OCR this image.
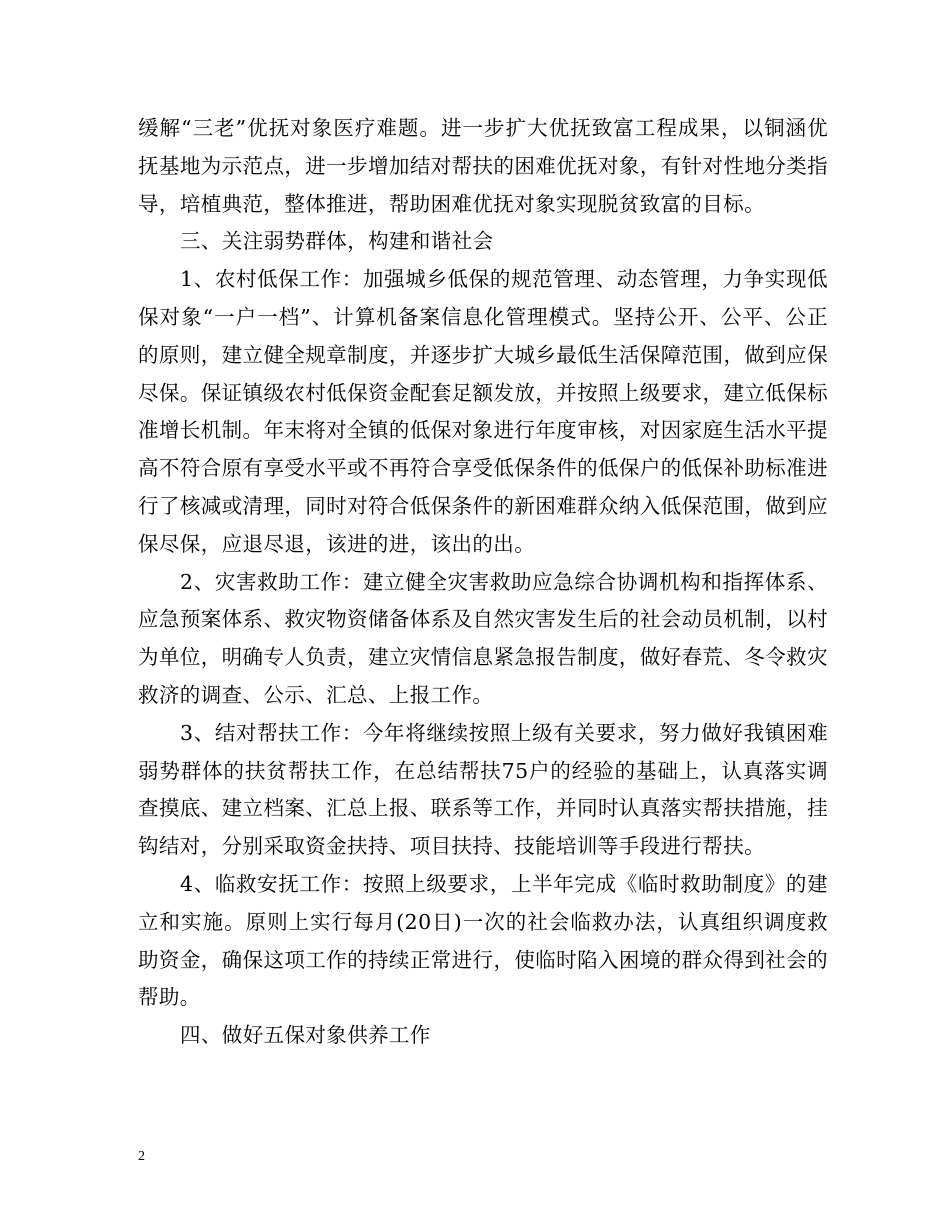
缓解“三老”优抚对象医疗难题。进一步扩大优抚致富工程成果，以铜涵优抚基地为示范点，进一步增加结对帮扶的困难优抚对象，有针对性地分类指导，培植典范，整体推进，帮助困难优抚对象实现脱贫致富的目标。

三、关注弱势群体，构建和谐社会

1、农村低保工作：加强城乡低保的规范管理、动态管理，力争实现低保对象“一户一档”、计算机备案信息化管理模式。坚持公开、公平、公正的原则，建立健全规章制度，并逐步扩大城乡最低生活保障范围，做到应保尽保。保证镇级农村低保资金配套足额发放，并按照上级要求，建立低保标准增长机制。年末将对全镇的低保对象进行年度审核，对因家庭生活水平提高不符合原有享受水平或不再符合享受低保条件的低保户的低保补助标准进行了核减或清理，同时对符合低保条件的新困难群众纳入低保范围，做到应保尽保，应退尽退，该进的进，该出的出。

2、灾害救助工作：建立健全灾害救助应急综合协调机构和指挥体系、应急预案体系、救灾物资储备体系及自然灾害发生后的社会动员机制，以村为单位，明确专人负责，建立灾情信息紧急报告制度，做好春荒、冬令救灾救济的调查、公示、汇总、上报工作。

3、结对帮扶工作：今年将继续按照上级有关要求，努力做好我镇困难弱势群体的扶贫帮扶工作，在总结帮扶75户的经验的基础上，认真落实调查摸底、建立档案、汇总上报、联系等工作，并同时认真落实帮扶措施，挂钩结对，分别采取资金扶持、项目扶持、技能培训等手段进行帮扶。

4、临救安抚工作：按照上级要求，上半年完成《临时救助制度》的建立和实施。原则上实行每月(20日)一次的社会临救办法，认真组织调度救助资金，确保这项工作的持续正常进行，使临时陷入困境的群众得到社会的帮助。

四、做好五保对象供养工作

2
